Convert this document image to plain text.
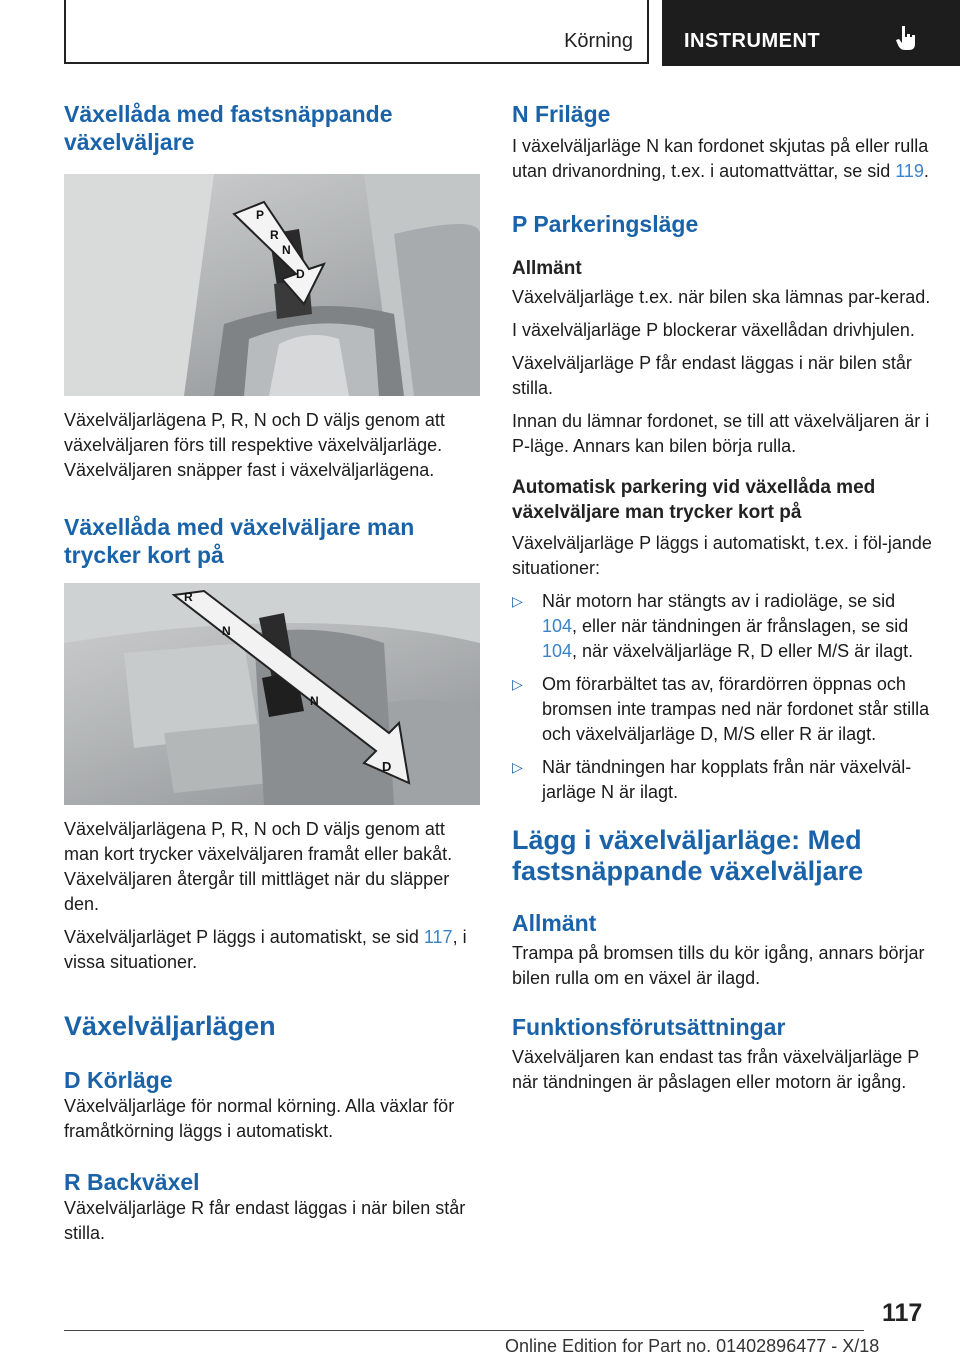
Körning	INSTRUMENT
Växellåda med fastsnäppande växelväljare
P
R
N
D

Växelväljarlägena P, R, N och D väljs genom att växelväljaren förs till respektive växelväljarläge. Växelväljaren snäpper fast i växelväljarlägena.

Växellåda med växelväljare man trycker kort på
R
N
N
D

Växelväljarlägena P, R, N och D väljs genom att man kort trycker växelväljaren framåt eller bakåt. Växelväljaren återgår till mittläget när du släpper den.

Växelväljarläget P läggs i automatiskt, se sid 117, i vissa situationer.

Växelväljarlägen
D Körläge

Växelväljarläge för normal körning. Alla växlar för framåtkörning läggs i automatiskt.

R Backväxel

Växelväljarläge R får endast läggas i när bilen står stilla.

N Friläge

I växelväljarläge N kan fordonet skjutas på eller rulla utan drivanordning, t.ex. i automattvättar, se sid 119.

P Parkeringsläge
Allmänt

Växelväljarläge t.ex. när bilen ska lämnas par-kerad.

I växelväljarläge P blockerar växellådan drivhjulen.

Växelväljarläge P får endast läggas i när bilen står stilla.

Innan du lämnar fordonet, se till att växelväljaren är i P-läge. Annars kan bilen börja rulla.

Automatisk parkering vid växellåda med växelväljare man trycker kort på

Växelväljarläge P läggs i automatiskt, t.ex. i föl-jande situationer:

▷ När motorn har stängts av i radioläge, se sid 104, eller när tändningen är frånslagen, se sid 104, när växelväljarläge R, D eller M/S är ilagt.
▷ Om förarbältet tas av, förardörren öppnas och bromsen inte trampas ned när fordonet står stilla och växelväljarläge D, M/S eller R är ilagt.
▷ När tändningen har kopplats från när växelväl-jarläge N är ilagt.
Lägg i växelväljarläge: Med fastsnäppande växelväljare
Allmänt

Trampa på bromsen tills du kör igång, annars börjar bilen rulla om en växel är ilagd.

Funktionsförutsättningar

Växelväljaren kan endast tas från växelväljarläge P när tändningen är påslagen eller motorn är igång.

117
Online Edition for Part no. 01402896477 - X/18
